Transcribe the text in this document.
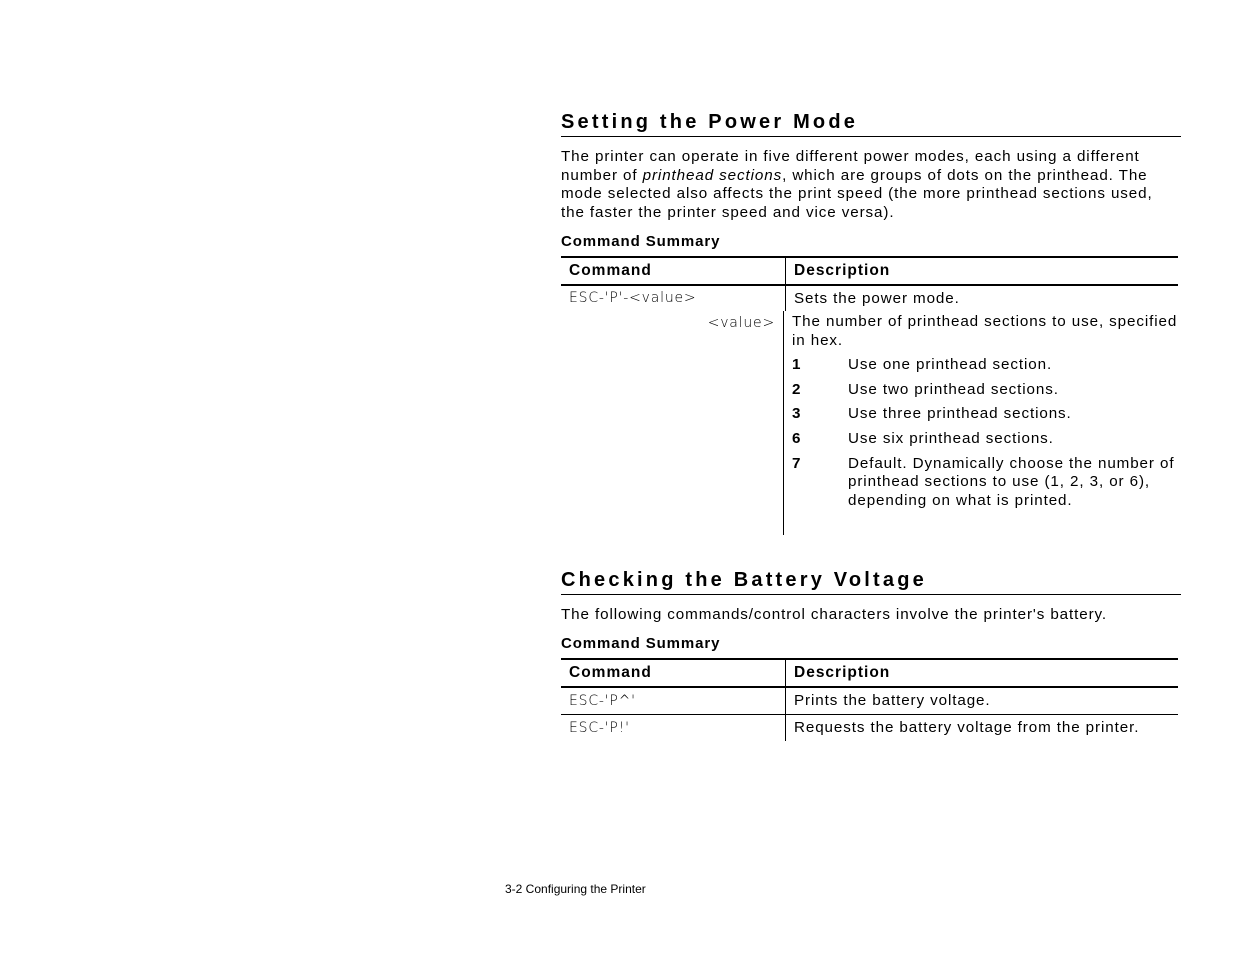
Setting the Power Mode
The printer can operate in five different power modes, each using a different number of printhead sections, which are groups of dots on the printhead. The mode selected also affects the print speed (the more printhead sections used, the faster the printer speed and vice versa).
Command Summary
Command	Description
ESC-'P'-<value>	Sets the power mode.
<value>	The number of printhead sections to use, specified in hex.
1	Use one printhead section.
2	Use two printhead sections.
3	Use three printhead sections.
6	Use six printhead sections.
7	Default. Dynamically choose the number of printhead sections to use (1, 2, 3, or 6), depending on what is printed.
Checking the Battery Voltage
The following commands/control characters involve the printer's battery.
Command Summary
Command	Description
ESC-'P^'	Prints the battery voltage.
ESC-'P!'	Requests the battery voltage from the printer.
3-2 Configuring the Printer
